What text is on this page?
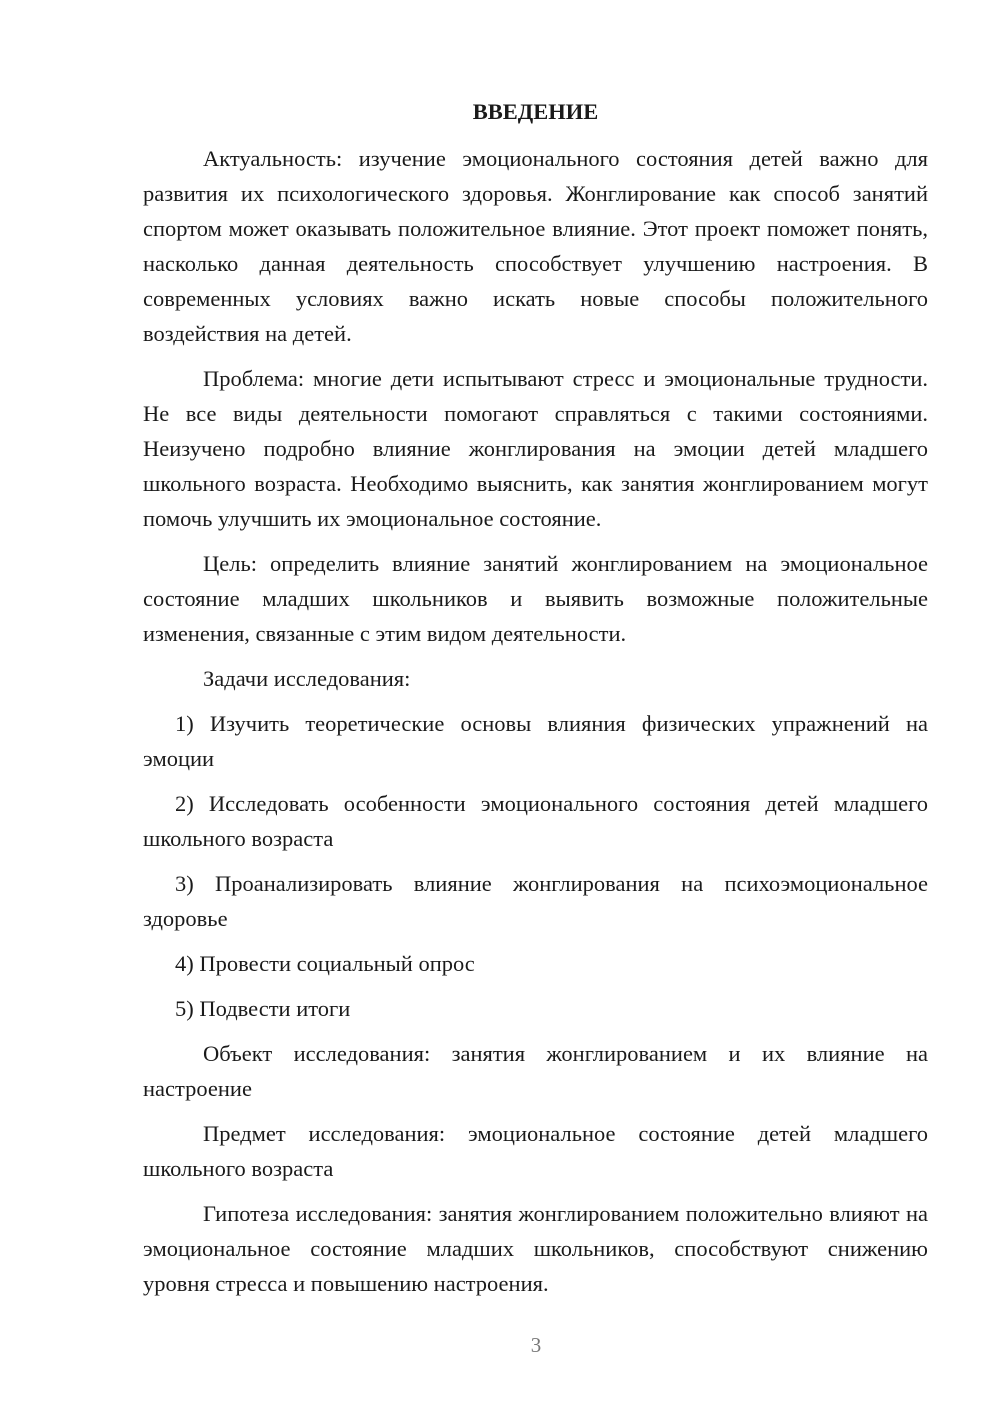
ВВЕДЕНИЕ

Актуальность: изучение эмоционального состояния детей важно для развития их психологического здоровья. Жонглирование как способ занятий спортом может оказывать положительное влияние. Этот проект поможет понять, насколько данная деятельность способствует улучшению настроения. В современных условиях важно искать новые способы положительного воздействия на детей.

Проблема: многие дети испытывают стресс и эмоциональные трудности. Не все виды деятельности помогают справляться с такими состояниями. Неизучено подробно влияние жонглирования на эмоции детей младшего школьного возраста. Необходимо выяснить, как занятия жонглированием могут помочь улучшить их эмоциональное состояние.

Цель: определить влияние занятий жонглированием на эмоциональное состояние младших школьников и выявить возможные положительные изменения, связанные с этим видом деятельности.

Задачи исследования:

1) Изучить теоретические основы влияния физических упражнений на эмоции

2) Исследовать особенности эмоционального состояния детей младшего школьного возраста

3) Проанализировать влияние жонглирования на психоэмоциональное здоровье

4) Провести социальный опрос

5) Подвести итоги

Объект исследования: занятия жонглированием и их влияние на настроение

Предмет исследования: эмоциональное состояние детей младшего школьного возраста

Гипотеза исследования: занятия жонглированием положительно влияют на эмоциональное состояние младших школьников, способствуют снижению уровня стресса и повышению настроения.

3
